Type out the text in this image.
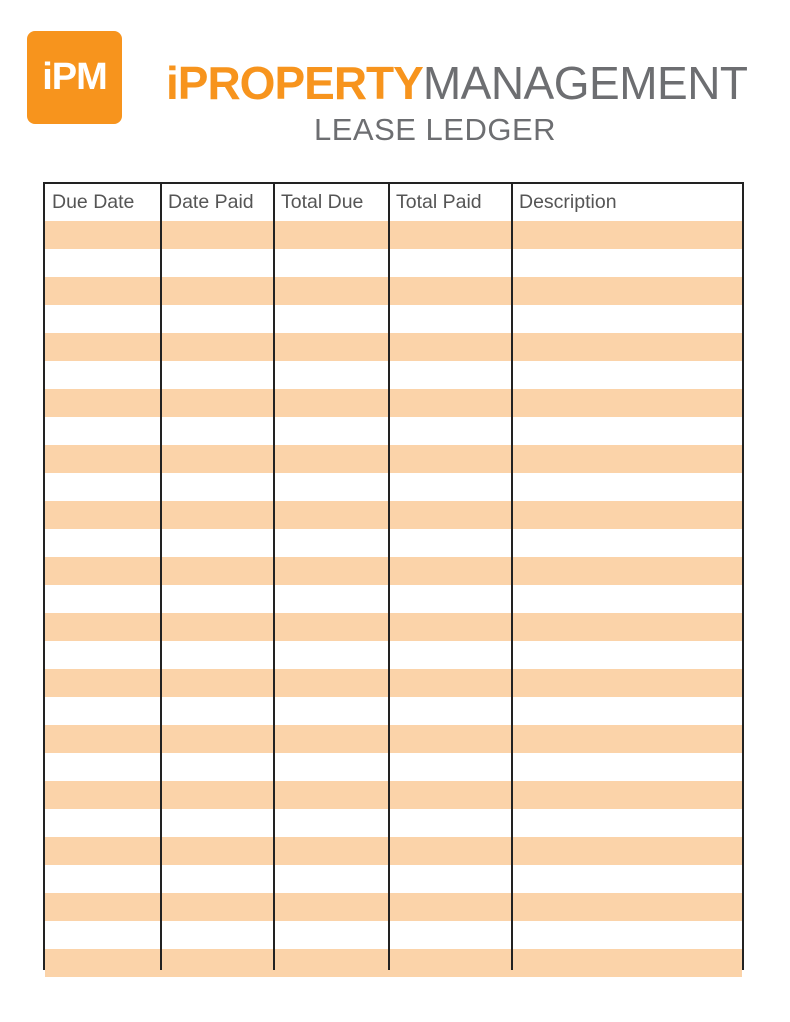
iPM iPROPERTYMANAGEMENT
LEASE LEDGER
Due Date	Date Paid	Total Due	Total Paid	Description
